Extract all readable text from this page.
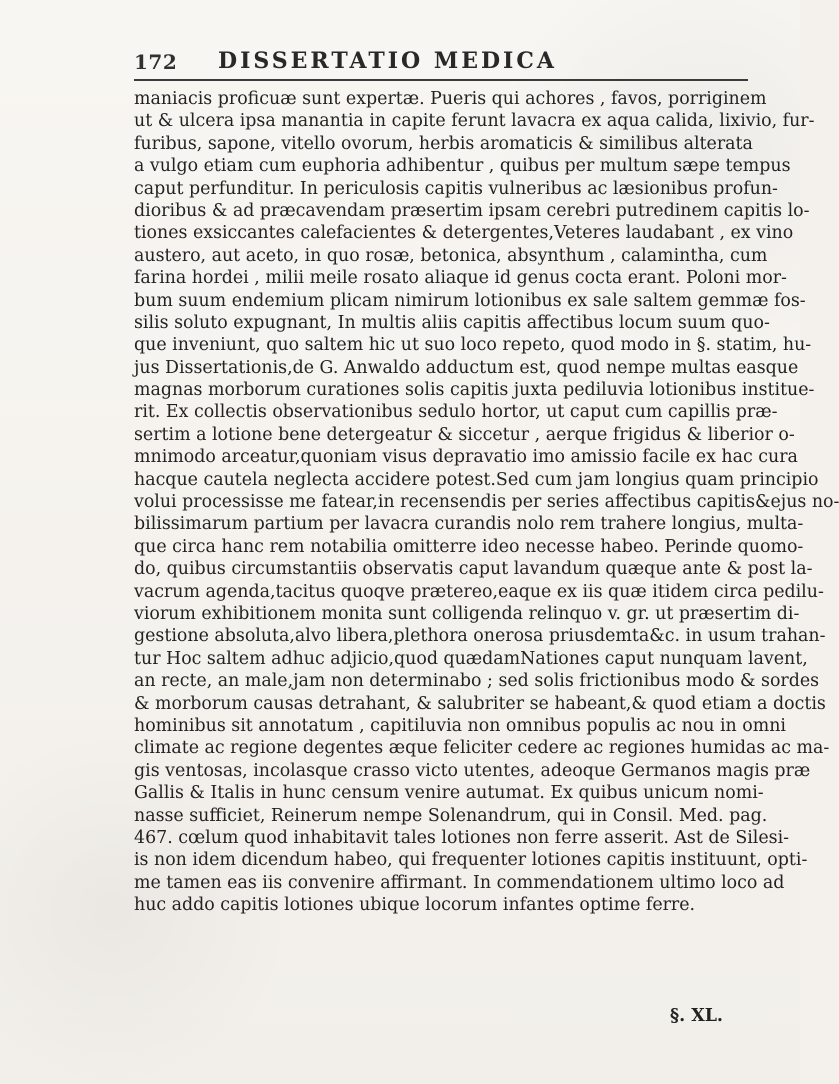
172 DISSERTATIO MEDICA
maniacis proficuæ sunt expertæ. Pueris qui achores , favos, porriginem
ut & ulcera ipsa manantia in capite ferunt lavacra ex aqua calida, lixivio, fur-
furibus, sapone, vitello ovorum, herbis aromaticis & similibus alterata
a vulgo etiam cum euphoria adhibentur , quibus per multum sæpe tempus
caput perfunditur. In periculosis capitis vulneribus ac læsionibus profun-
dioribus & ad præcavendam præsertim ipsam cerebri putredinem capitis lo-
tiones exsiccantes calefacientes & detergentes,Veteres laudabant , ex vino
austero, aut aceto, in quo rosæ, betonica, absynthum , calamintha, cum
farina hordei , milii meile rosato aliaque id genus cocta erant. Poloni mor-
bum suum endemium plicam nimirum lotionibus ex sale saltem gemmæ fos-
silis soluto expugnant, In multis aliis capitis affectibus locum suum quo-
que inveniunt, quo saltem hic ut suo loco repeto, quod modo in §. statim, hu-
jus Dissertationis,de G. Anwaldo adductum est, quod nempe multas easque
magnas morborum curationes solis capitis juxta pediluvia lotionibus institue-
rit. Ex collectis observationibus sedulo hortor, ut caput cum capillis præ-
sertim a lotione bene detergeatur & siccetur , aerque frigidus & liberior o-
mnimodo arceatur,quoniam visus depravatio imo amissio facile ex hac cura
hacque cautela neglecta accidere potest.Sed cum jam longius quam principio
volui processisse me fatear,in recensendis per series affectibus capitis&ejus no-
bilissimarum partium per lavacra curandis nolo rem trahere longius, multa-
que circa hanc rem notabilia omitterre ideo necesse habeo. Perinde quomo-
do, quibus circumstantiis observatis caput lavandum quæque ante & post la-
vacrum agenda,tacitus quoqve prætereo,eaque ex iis quæ itidem circa pedilu-
viorum exhibitionem monita sunt colligenda relinquo v. gr. ut præsertim di-
gestione absoluta,alvo libera,plethora onerosa priusdemta&c. in usum trahan-
tur Hoc saltem adhuc adjicio,quod quædamNationes caput nunquam lavent,
an recte, an male,jam non determinabo ; sed solis frictionibus modo & sordes
& morborum causas detrahant, & salubriter se habeant,& quod etiam a doctis
hominibus sit annotatum , capitiluvia non omnibus populis ac nou in omni
climate ac regione degentes æque feliciter cedere ac regiones humidas ac ma-
gis ventosas, incolasque crasso victo utentes, adeoque Germanos magis præ
Gallis & Italis in hunc censum venire autumat. Ex quibus unicum nomi-
nasse sufficiet, Reinerum nempe Solenandrum, qui in Consil. Med. pag.
467. cœlum quod inhabitavit tales lotiones non ferre asserit. Ast de Silesi-
is non idem dicendum habeo, qui frequenter lotiones capitis instituunt, opti-
me tamen eas iis convenire affirmant. In commendationem ultimo loco ad
huc addo capitis lotiones ubique locorum infantes optime ferre.
§. XL.
